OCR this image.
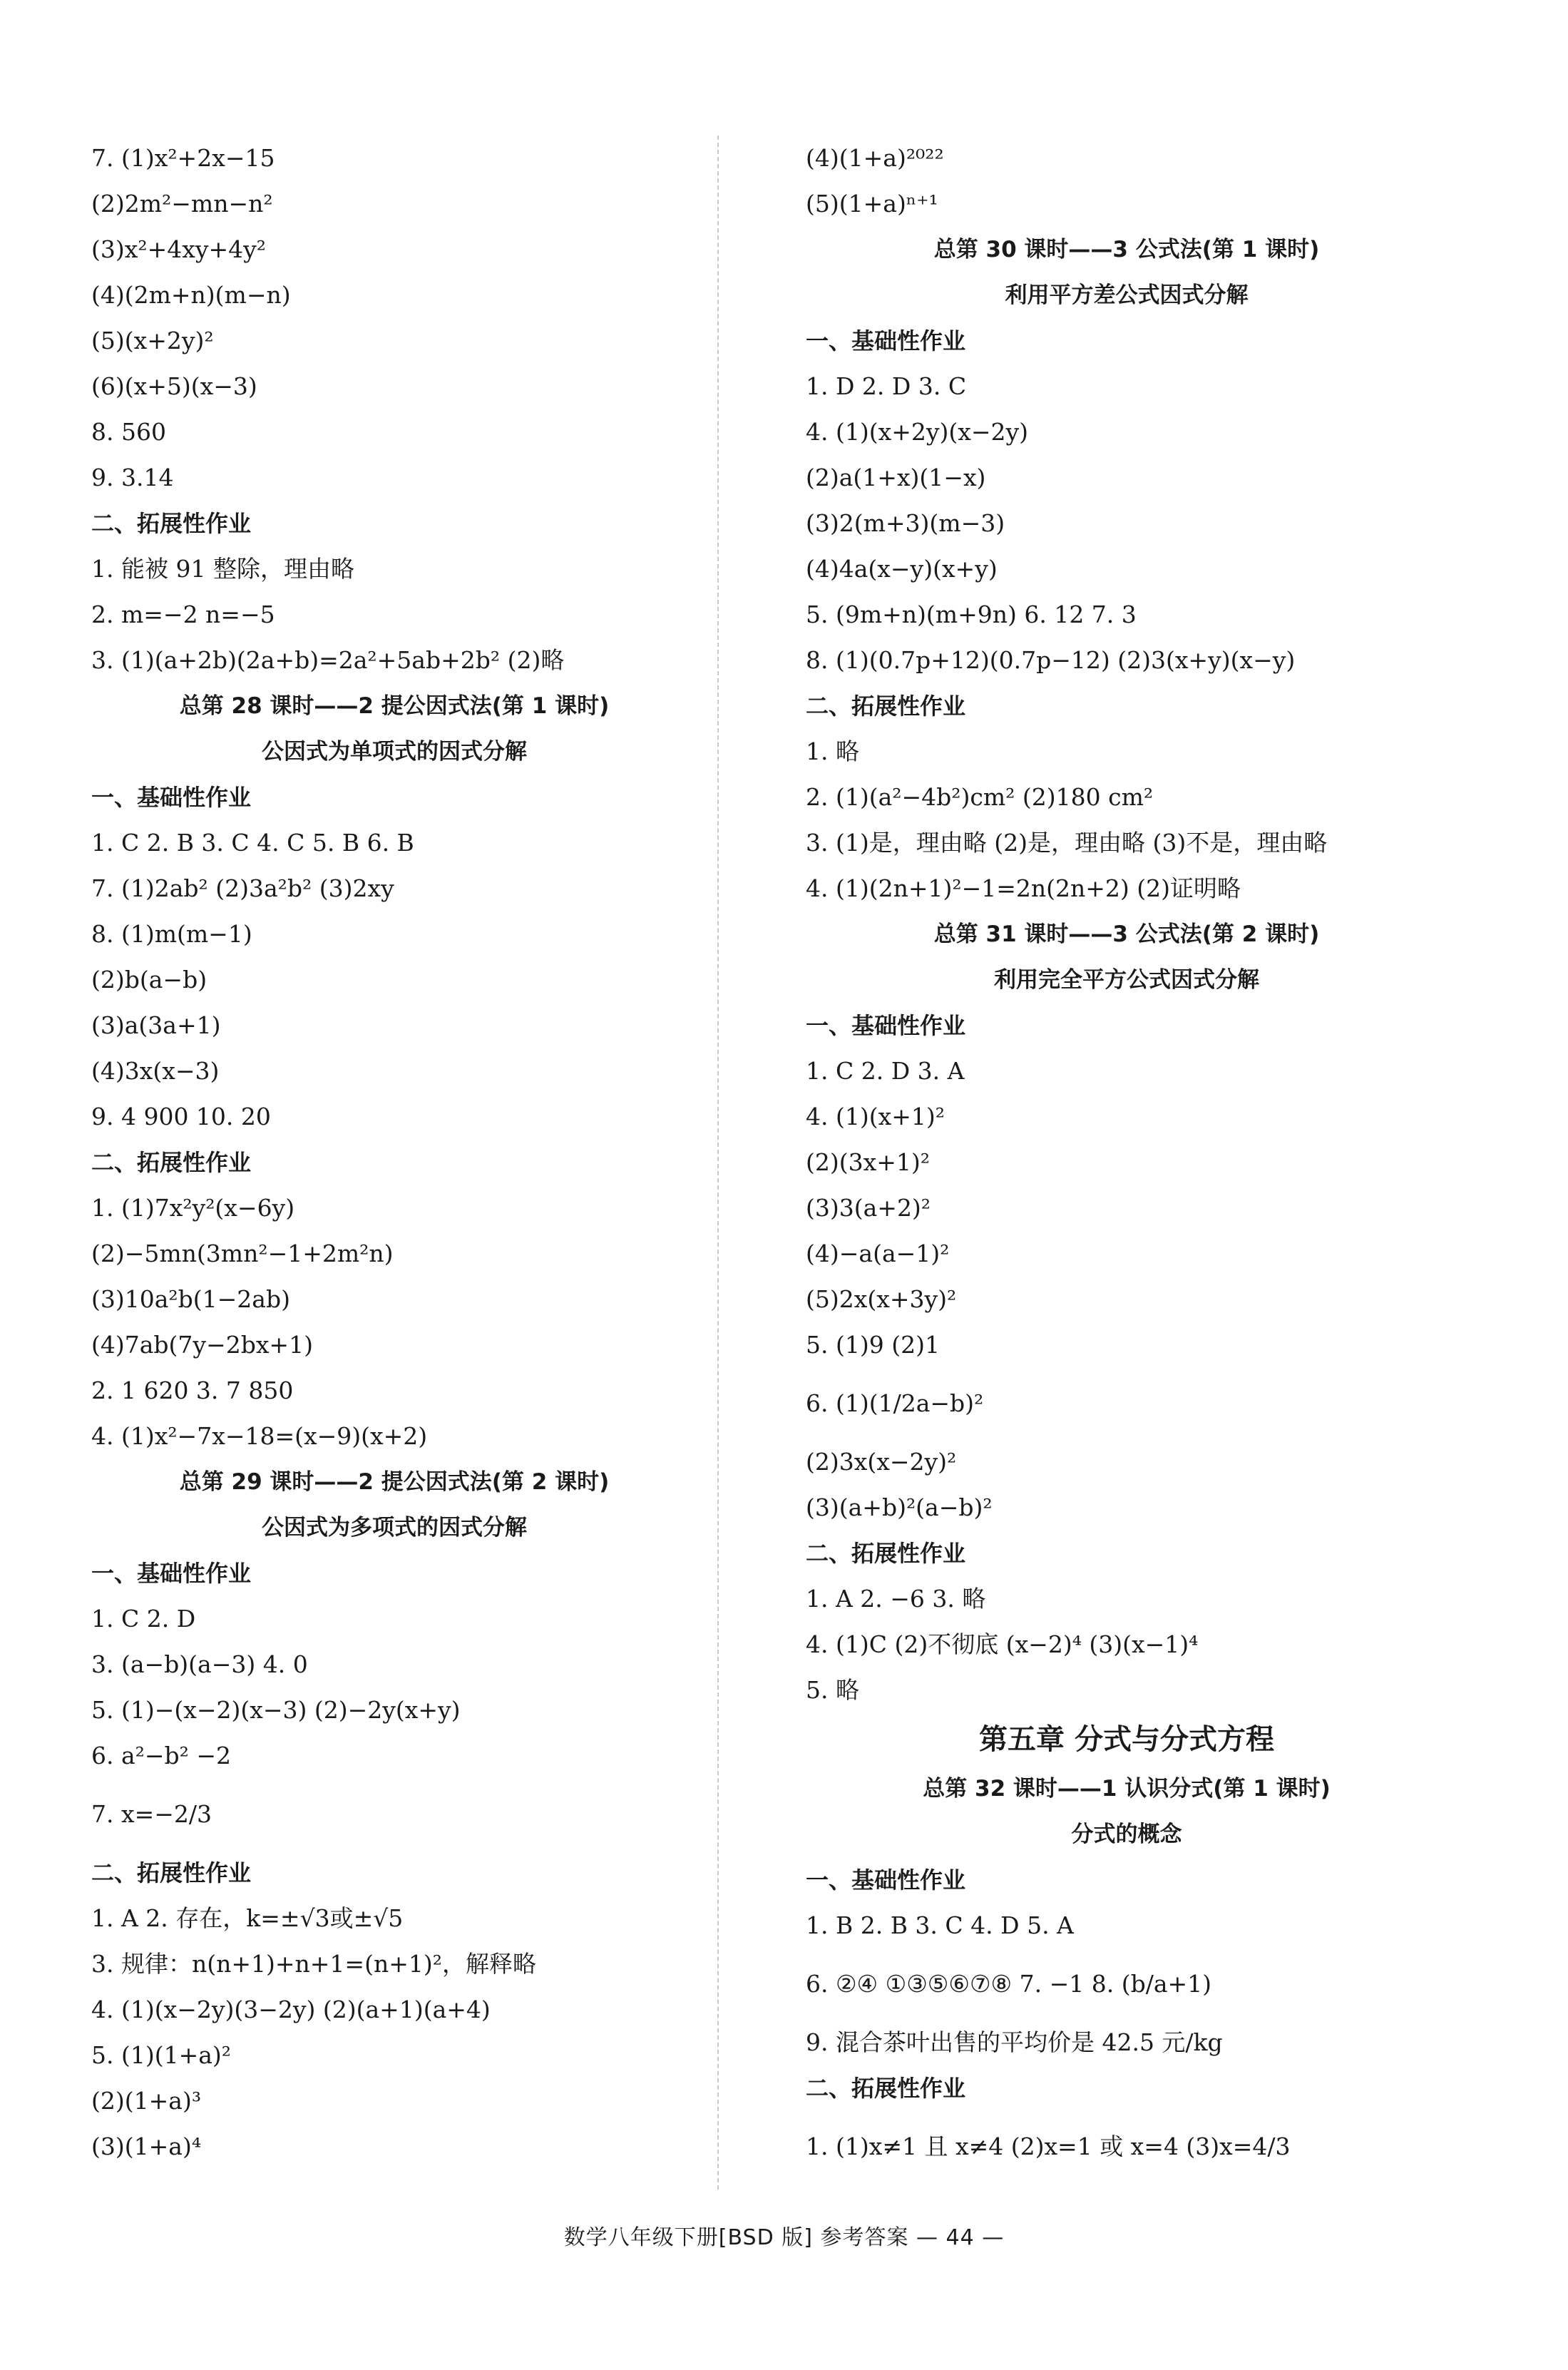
7. (1)x²+2x−15
(2)2m²−mn−n²
(3)x²+4xy+4y²
(4)(2m+n)(m−n)
(5)(x+2y)²
(6)(x+5)(x−3)
8. 560
9. 3.14
二、拓展性作业
1. 能被 91 整除，理由略
2. m=−2 n=−5
3. (1)(a+2b)(2a+b)=2a²+5ab+2b² (2)略
总第 28 课时——2 提公因式法(第 1 课时)
公因式为单项式的因式分解
一、基础性作业
1. C 2. B 3. C 4. C 5. B 6. B
7. (1)2ab² (2)3a²b² (3)2xy
8. (1)m(m−1)
(2)b(a−b)
(3)a(3a+1)
(4)3x(x−3)
9. 4 900 10. 20
二、拓展性作业
1. (1)7x²y²(x−6y)
(2)−5mn(3mn²−1+2m²n)
(3)10a²b(1−2ab)
(4)7ab(7y−2bx+1)
2. 1 620 3. 7 850
4. (1)x²−7x−18=(x−9)(x+2)
总第 29 课时——2 提公因式法(第 2 课时)
公因式为多项式的因式分解
一、基础性作业
1. C 2. D
3. (a−b)(a−3) 4. 0
5. (1)−(x−2)(x−3) (2)−2y(x+y)
6. a²−b² −2
7. x=−2/3
二、拓展性作业
1. A 2. 存在，k=±√3或±√5
3. 规律：n(n+1)+n+1=(n+1)²，解释略
4. (1)(x−2y)(3−2y) (2)(a+1)(a+4)
5. (1)(1+a)²
(2)(1+a)³
(3)(1+a)⁴
(4)(1+a)²⁰²²
(5)(1+a)ⁿ⁺¹
总第 30 课时——3 公式法(第 1 课时)
利用平方差公式因式分解
一、基础性作业
1. D 2. D 3. C
4. (1)(x+2y)(x−2y)
(2)a(1+x)(1−x)
(3)2(m+3)(m−3)
(4)4a(x−y)(x+y)
5. (9m+n)(m+9n) 6. 12 7. 3
8. (1)(0.7p+12)(0.7p−12) (2)3(x+y)(x−y)
二、拓展性作业
1. 略
2. (1)(a²−4b²)cm² (2)180 cm²
3. (1)是，理由略 (2)是，理由略 (3)不是，理由略
4. (1)(2n+1)²−1=2n(2n+2) (2)证明略
总第 31 课时——3 公式法(第 2 课时)
利用完全平方公式因式分解
一、基础性作业
1. C 2. D 3. A
4. (1)(x+1)²
(2)(3x+1)²
(3)3(a+2)²
(4)−a(a−1)²
(5)2x(x+3y)²
5. (1)9 (2)1
6. (1)(1/2a−b)²
(2)3x(x−2y)²
(3)(a+b)²(a−b)²
二、拓展性作业
1. A 2. −6 3. 略
4. (1)C (2)不彻底 (x−2)⁴ (3)(x−1)⁴
5. 略
第五章 分式与分式方程
总第 32 课时——1 认识分式(第 1 课时)
分式的概念
一、基础性作业
1. B 2. B 3. C 4. D 5. A
6. ②④ ①③⑤⑥⑦⑧ 7. −1 8. (b/a+1)
9. 混合茶叶出售的平均价是 42.5 元/kg
二、拓展性作业
1. (1)x≠1 且 x≠4 (2)x=1 或 x=4 (3)x=4/3
数学八年级下册[BSD 版] 参考答案 — 44 —
